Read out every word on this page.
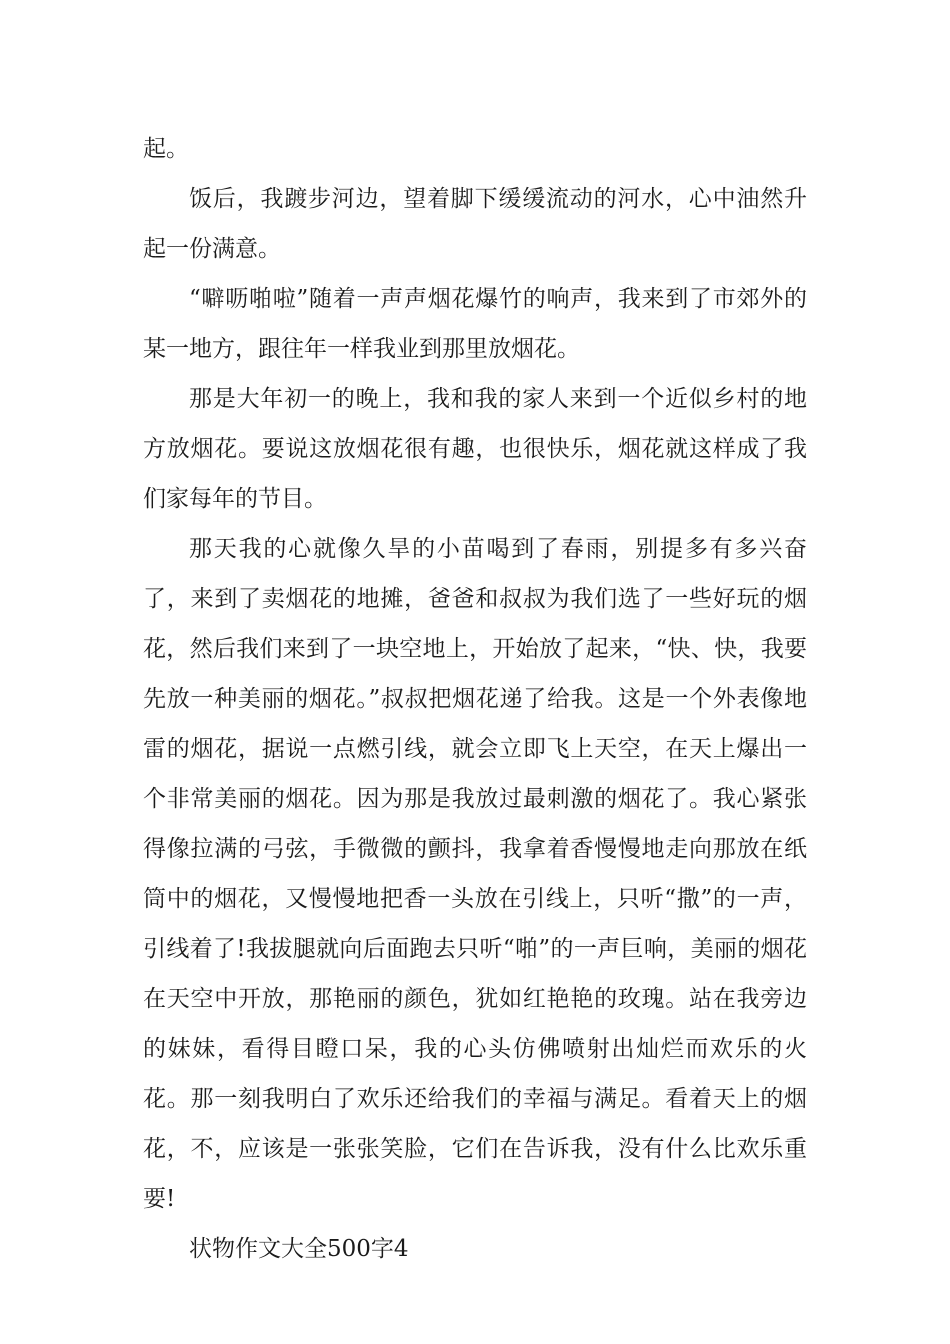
起。

饭后，我踱步河边，望着脚下缓缓流动的河水，心中油然升起一份满意。

“噼呖啪啦”随着一声声烟花爆竹的响声，我来到了市郊外的某一地方，跟往年一样我业到那里放烟花。

那是大年初一的晚上，我和我的家人来到一个近似乡村的地方放烟花。要说这放烟花很有趣，也很快乐，烟花就这样成了我们家每年的节目。

那天我的心就像久旱的小苗喝到了春雨，别提多有多兴奋了，来到了卖烟花的地摊，爸爸和叔叔为我们选了一些好玩的烟花，然后我们来到了一块空地上，开始放了起来，“快、快，我要先放一种美丽的烟花。”叔叔把烟花递了给我。这是一个外表像地雷的烟花，据说一点燃引线，就会立即飞上天空，在天上爆出一个非常美丽的烟花。因为那是我放过最刺激的烟花了。我心紧张得像拉满的弓弦，手微微的颤抖，我拿着香慢慢地走向那放在纸筒中的烟花，又慢慢地把香一头放在引线上，只听“撒”的一声，引线着了!我拔腿就向后面跑去只听“啪”的一声巨响，美丽的烟花在天空中开放，那艳丽的颜色，犹如红艳艳的玫瑰。站在我旁边的妹妹，看得目瞪口呆，我的心头仿佛喷射出灿烂而欢乐的火花。那一刻我明白了欢乐还给我们的幸福与满足。看着天上的烟花，不，应该是一张张笑脸，它们在告诉我，没有什么比欢乐重要!

状物作文大全500字4
